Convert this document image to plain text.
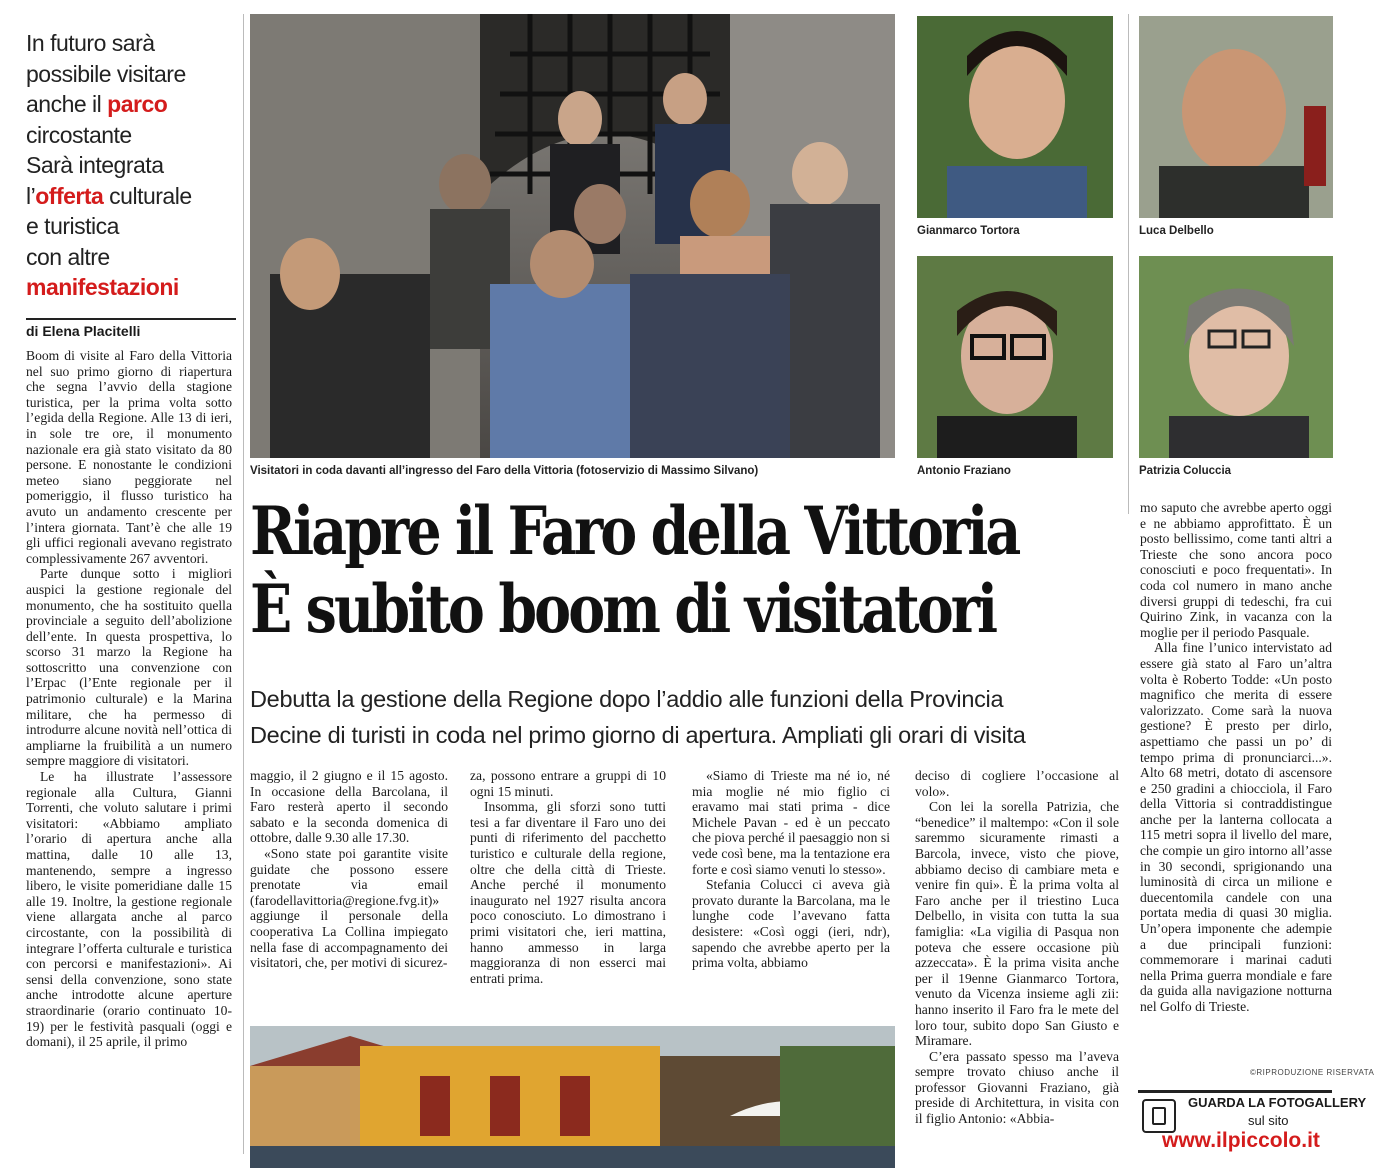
In futuro sarà
possibile visitare
anche il parco
circostante
Sarà integrata
l’offerta culturale
e turistica
con altre
manifestazioni

di Elena Placitelli

Boom di visite al Faro della Vittoria nel suo primo giorno di riapertura che segna l’avvio della stagione turistica, per la prima volta sotto l’egida della Regione. Alle 13 di ieri, in sole tre ore, il monumento nazionale era già stato visitato da 80 persone. E nonostante le condizioni meteo siano peggiorate nel pomeriggio, il flusso turistico ha avuto un andamento crescente per l’intera giornata. Tant’è che alle 19 gli uffici regionali avevano registrato complessivamente 267 avventori.

Parte dunque sotto i migliori auspici la gestione regionale del monumento, che ha sostituito quella provinciale a seguito dell’abolizione dell’ente. In questa prospettiva, lo scorso 31 marzo la Regione ha sottoscritto una convenzione con l’Erpac (l’Ente regionale per il patrimonio culturale) e la Marina militare, che ha permesso di introdurre alcune novità nell’ottica di ampliarne la fruibilità a un numero sempre maggiore di visitatori.

Le ha illustrate l’assessore regionale alla Cultura, Gianni Torrenti, che voluto salutare i primi visitatori: «Abbiamo ampliato l’orario di apertura anche alla mattina, dalle 10 alle 13, mantenendo, sempre a ingresso libero, le visite pomeridiane dalle 15 alle 19. Inoltre, la gestione regionale viene allargata anche al parco circostante, con la possibilità di integrare l’offerta culturale e turistica con percorsi e manifestazioni». Ai sensi della convenzione, sono state anche introdotte alcune aperture straordinarie (orario continuato 10-19) per le festività pasquali (oggi e domani), il 25 aprile, il primo

Visitatori in coda davanti all’ingresso del Faro della Vittoria (fotoservizio di Massimo Silvano)
Gianmarco Tortora	Luca Delbello
Antonio Fraziano	Patrizia Coluccia
Riapre il Faro della Vittoria
È subito boom di visitatori
Debutta la gestione della Regione dopo l’addio alle funzioni della Provincia
Decine di turisti in coda nel primo giorno di apertura. Ampliati gli orari di visita

maggio, il 2 giugno e il 15 agosto. In occasione della Barcolana, il Faro resterà aperto il secondo sabato e la seconda domenica di ottobre, dalle 9.30 alle 17.30.

«Sono state poi garantite visite guidate che possono essere prenotate via email (farodellavittoria@regione.fvg.it)» aggiunge il personale della cooperativa La Collina impiegato nella fase di accompagnamento dei visitatori, che, per motivi di sicurez-

za, possono entrare a gruppi di 10 ogni 15 minuti.

Insomma, gli sforzi sono tutti tesi a far diventare il Faro uno dei punti di riferimento del pacchetto turistico e culturale della regione, oltre che della città di Trieste. Anche perché il monumento inaugurato nel 1927 risulta ancora poco conosciuto. Lo dimostrano i primi visitatori che, ieri mattina, hanno ammesso in larga maggioranza di non esserci mai entrati prima.

«Siamo di Trieste ma né io, né mia moglie né mio figlio ci eravamo mai stati prima - dice Michele Pavan - ed è un peccato che piova perché il paesaggio non si vede così bene, ma la tentazione era forte e così siamo venuti lo stesso».

Stefania Colucci ci aveva già provato durante la Barcolana, ma le lunghe code l’avevano fatta desistere: «Così oggi (ieri, ndr), sapendo che avrebbe aperto per la prima volta, abbiamo

deciso di cogliere l’occasione al volo».

Con lei la sorella Patrizia, che “benedice” il maltempo: «Con il sole saremmo sicuramente rimasti a Barcola, invece, visto che piove, abbiamo deciso di cambiare meta e venire fin qui». È la prima volta al Faro anche per il triestino Luca Delbello, in visita con tutta la sua famiglia: «La vigilia di Pasqua non poteva che essere occasione più azzeccata». È la prima visita anche per il 19enne Gianmarco Tortora, venuto da Vicenza insieme agli zii: hanno inserito il Faro fra le mete del loro tour, subito dopo San Giusto e Miramare.

C’era passato spesso ma l’aveva sempre trovato chiuso anche il professor Giovanni Fraziano, già preside di Architettura, in visita con il figlio Antonio: «Abbia-

mo saputo che avrebbe aperto oggi e ne abbiamo approfittato. È un posto bellissimo, come tanti altri a Trieste che sono ancora poco conosciuti e poco frequentati». In coda col numero in mano anche diversi gruppi di tedeschi, fra cui Quirino Zink, in vacanza con la moglie per il periodo Pasquale.

Alla fine l’unico intervistato ad essere già stato al Faro un’altra volta è Roberto Todde: «Un posto magnifico che merita di essere valorizzato. Come sarà la nuova gestione? È presto per dirlo, aspettiamo che passi un po’ di tempo prima di pronunciarci...». Alto 68 metri, dotato di ascensore e 250 gradini a chiocciola, il Faro della Vittoria si contraddistingue anche per la lanterna collocata a 115 metri sopra il livello del mare, che compie un giro intorno all’asse in 30 secondi, sprigionando una luminosità di circa un milione e duecentomila candele con una portata media di quasi 30 miglia. Un’opera imponente che adempie a due principali funzioni: commemorare i marinai caduti nella Prima guerra mondiale e fare da guida alla navigazione notturna nel Golfo di Trieste.

©RIPRODUZIONE RISERVATA
GUARDA LA FOTOGALLERY
sul sito
www.ilpiccolo.it
